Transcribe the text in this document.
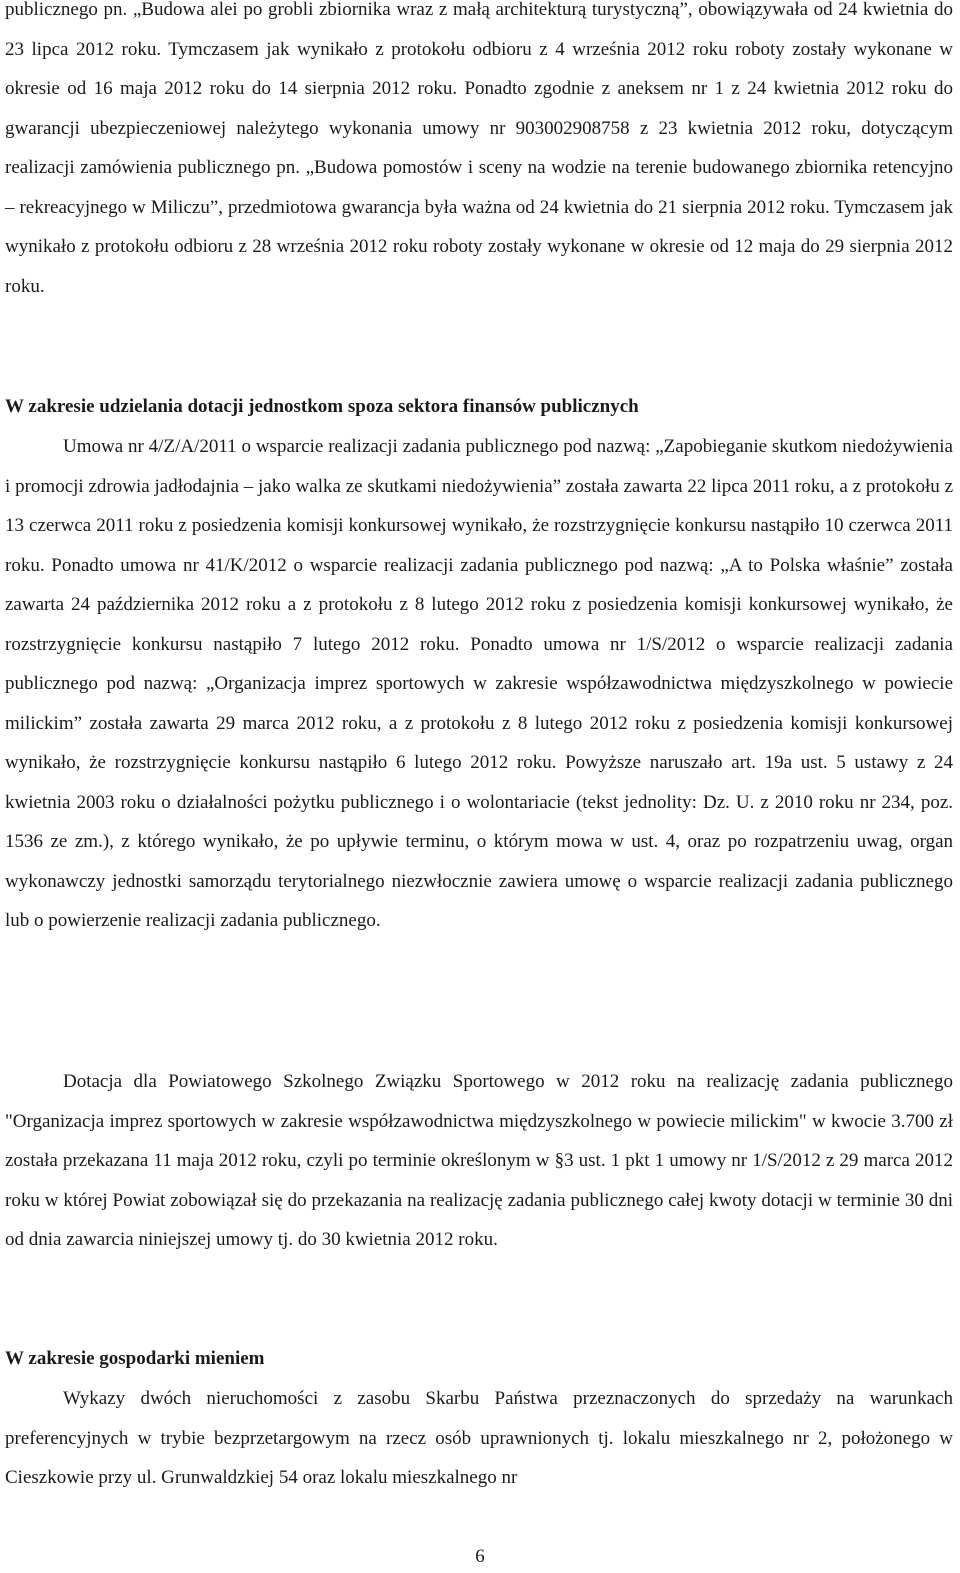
publicznego pn. „Budowa alei po grobli zbiornika wraz z małą architekturą turystyczną”, obowiązywała od 24 kwietnia do 23 lipca 2012 roku. Tymczasem jak wynikało z protokołu odbioru z 4 września 2012 roku roboty zostały wykonane w okresie od 16 maja 2012 roku do 14 sierpnia 2012 roku. Ponadto zgodnie z aneksem nr 1 z 24 kwietnia 2012 roku do gwarancji ubezpieczeniowej należytego wykonania umowy nr 903002908758 z 23 kwietnia 2012 roku, dotyczącym realizacji zamówienia publicznego pn. „Budowa pomostów i sceny na wodzie na terenie budowanego zbiornika retencyjno – rekreacyjnego w Miliczu”, przedmiotowa gwarancja była ważna od 24 kwietnia do 21 sierpnia 2012 roku. Tymczasem jak wynikało z protokołu odbioru z 28 września 2012 roku roboty zostały wykonane w okresie od 12 maja do 29 sierpnia 2012 roku.

W zakresie udzielania dotacji jednostkom spoza sektora finansów publicznych

Umowa nr 4/Z/A/2011 o wsparcie realizacji zadania publicznego pod nazwą: „Zapobieganie skutkom niedożywienia i promocji zdrowia jadłodajnia – jako walka ze skutkami niedożywienia” została zawarta 22 lipca 2011 roku, a z protokołu z 13 czerwca 2011 roku z posiedzenia komisji konkursowej wynikało, że rozstrzygnięcie konkursu nastąpiło 10 czerwca 2011 roku. Ponadto umowa nr 41/K/2012 o wsparcie realizacji zadania publicznego pod nazwą: „A to Polska właśnie” została zawarta 24 października 2012 roku a z protokołu z 8 lutego 2012 roku z posiedzenia komisji konkursowej wynikało, że rozstrzygnięcie konkursu nastąpiło 7 lutego 2012 roku. Ponadto umowa nr 1/S/2012 o wsparcie realizacji zadania publicznego pod nazwą: „Organizacja imprez sportowych w zakresie współzawodnictwa międzyszkolnego w powiecie milickim” została zawarta 29 marca 2012 roku, a z protokołu z 8 lutego 2012 roku z posiedzenia komisji konkursowej wynikało, że rozstrzygnięcie konkursu nastąpiło 6 lutego 2012 roku. Powyższe naruszało art. 19a ust. 5 ustawy z 24 kwietnia 2003 roku o działalności pożytku publicznego i o wolontariacie (tekst jednolity: Dz. U. z 2010 roku nr 234, poz. 1536 ze zm.), z którego wynikało, że po upływie terminu, o którym mowa w ust. 4, oraz po rozpatrzeniu uwag, organ wykonawczy jednostki samorządu terytorialnego niezwłocznie zawiera umowę o wsparcie realizacji zadania publicznego lub o powierzenie realizacji zadania publicznego.

Dotacja dla Powiatowego Szkolnego Związku Sportowego w 2012 roku na realizację zadania publicznego "Organizacja imprez sportowych w zakresie współzawodnictwa międzyszkolnego w powiecie milickim" w kwocie 3.700 zł została przekazana 11 maja 2012 roku, czyli po terminie określonym w §3 ust. 1 pkt 1 umowy nr 1/S/2012 z 29 marca 2012 roku w której Powiat zobowiązał się do przekazania na realizację zadania publicznego całej kwoty dotacji w terminie 30 dni od dnia zawarcia niniejszej umowy tj. do 30 kwietnia 2012 roku.

W zakresie gospodarki mieniem

Wykazy dwóch nieruchomości z zasobu Skarbu Państwa przeznaczonych do sprzedaży na warunkach preferencyjnych w trybie bezprzetargowym na rzecz osób uprawnionych tj. lokalu mieszkalnego nr 2, położonego w Cieszkowie przy ul. Grunwaldzkiej 54 oraz lokalu mieszkalnego nr

6
